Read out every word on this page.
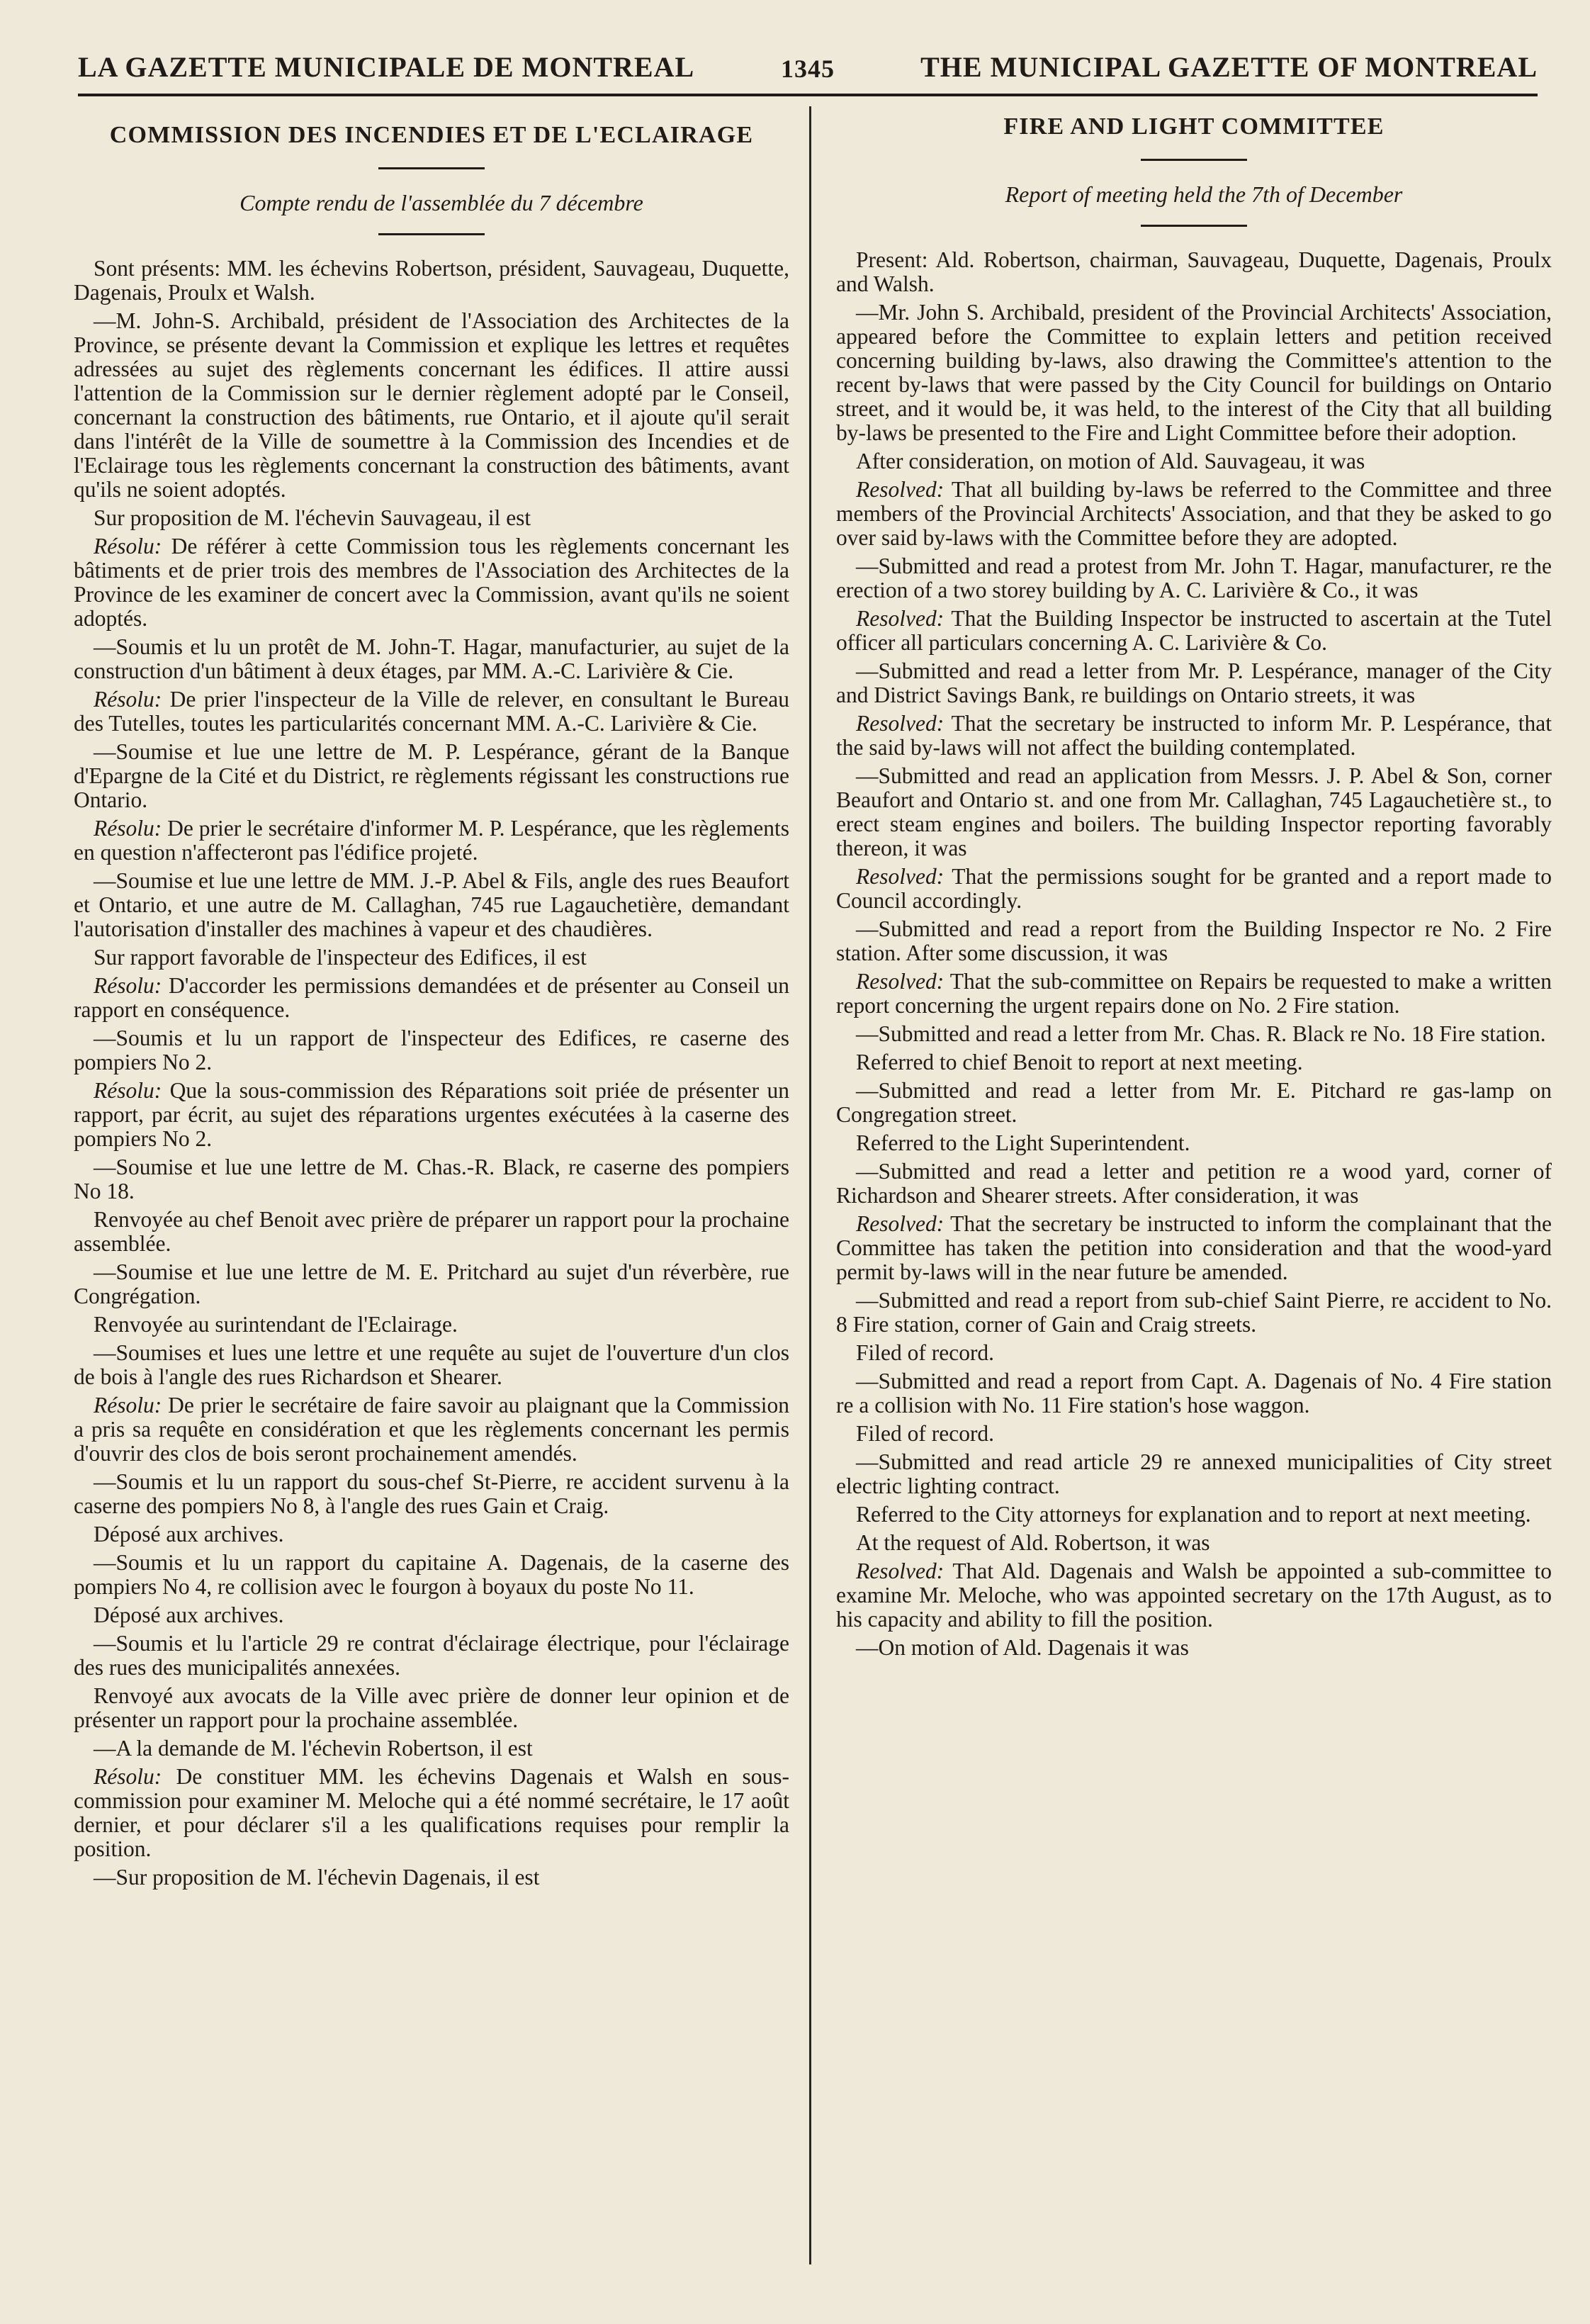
LA GAZETTE MUNICIPALE DE MONTREAL	1345	THE MUNICIPAL GAZETTE OF MONTREAL
COMMISSION DES INCENDIES ET DE L'ECLAIRAGE

Compte rendu de l'assemblée du 7 décembre

Sont présents: MM. les échevins Robertson, président, Sauvageau, Duquette, Dagenais, Proulx et Walsh.

—M. John-S. Archibald, président de l'Association des Architectes de la Province, se présente devant la Commission et explique les lettres et requêtes adressées au sujet des règlements concernant les édifices. Il attire aussi l'attention de la Commission sur le dernier règlement adopté par le Conseil, concernant la construction des bâtiments, rue Ontario, et il ajoute qu'il serait dans l'intérêt de la Ville de soumettre à la Commission des Incendies et de l'Eclairage tous les règlements concernant la construction des bâtiments, avant qu'ils ne soient adoptés.

Sur proposition de M. l'échevin Sauvageau, il est

Résolu: De référer à cette Commission tous les règlements concernant les bâtiments et de prier trois des membres de l'Association des Architectes de la Province de les examiner de concert avec la Commission, avant qu'ils ne soient adoptés.

—Soumis et lu un protêt de M. John-T. Hagar, manufacturier, au sujet de la construction d'un bâtiment à deux étages, par MM. A.-C. Larivière & Cie.

Résolu: De prier l'inspecteur de la Ville de relever, en consultant le Bureau des Tutelles, toutes les particularités concernant MM. A.-C. Larivière & Cie.

—Soumise et lue une lettre de M. P. Lespérance, gérant de la Banque d'Epargne de la Cité et du District, re règlements régissant les constructions rue Ontario.

Résolu: De prier le secrétaire d'informer M. P. Lespérance, que les règlements en question n'affecteront pas l'édifice projeté.

—Soumise et lue une lettre de MM. J.-P. Abel & Fils, angle des rues Beaufort et Ontario, et une autre de M. Callaghan, 745 rue Lagauchetière, demandant l'autorisation d'installer des machines à vapeur et des chaudières.

Sur rapport favorable de l'inspecteur des Edifices, il est

Résolu: D'accorder les permissions demandées et de présenter au Conseil un rapport en conséquence.

—Soumis et lu un rapport de l'inspecteur des Edifices, re caserne des pompiers No 2.

Résolu: Que la sous-commission des Réparations soit priée de présenter un rapport, par écrit, au sujet des réparations urgentes exécutées à la caserne des pompiers No 2.

—Soumise et lue une lettre de M. Chas.-R. Black, re caserne des pompiers No 18.

Renvoyée au chef Benoit avec prière de préparer un rapport pour la prochaine assemblée.

—Soumise et lue une lettre de M. E. Pritchard au sujet d'un réverbère, rue Congrégation.

Renvoyée au surintendant de l'Eclairage.

—Soumises et lues une lettre et une requête au sujet de l'ouverture d'un clos de bois à l'angle des rues Richardson et Shearer.

Résolu: De prier le secrétaire de faire savoir au plaignant que la Commission a pris sa requête en considération et que les règlements concernant les permis d'ouvrir des clos de bois seront prochainement amendés.

—Soumis et lu un rapport du sous-chef St-Pierre, re accident survenu à la caserne des pompiers No 8, à l'angle des rues Gain et Craig.

Déposé aux archives.

—Soumis et lu un rapport du capitaine A. Dagenais, de la caserne des pompiers No 4, re collision avec le fourgon à boyaux du poste No 11.

Déposé aux archives.

—Soumis et lu l'article 29 re contrat d'éclairage électrique, pour l'éclairage des rues des municipalités annexées.

Renvoyé aux avocats de la Ville avec prière de donner leur opinion et de présenter un rapport pour la prochaine assemblée.

—A la demande de M. l'échevin Robertson, il est

Résolu: De constituer MM. les échevins Dagenais et Walsh en sous-commission pour examiner M. Meloche qui a été nommé secrétaire, le 17 août dernier, et pour déclarer s'il a les qualifications requises pour remplir la position.

—Sur proposition de M. l'échevin Dagenais, il est

FIRE AND LIGHT COMMITTEE

Report of meeting held the 7th of December

Present: Ald. Robertson, chairman, Sauvageau, Duquette, Dagenais, Proulx and Walsh.

—Mr. John S. Archibald, president of the Provincial Architects' Association, appeared before the Committee to explain letters and petition received concerning building by-laws, also drawing the Committee's attention to the recent by-laws that were passed by the City Council for buildings on Ontario street, and it would be, it was held, to the interest of the City that all building by-laws be presented to the Fire and Light Committee before their adoption.

After consideration, on motion of Ald. Sauvageau, it was

Resolved: That all building by-laws be referred to the Committee and three members of the Provincial Architects' Association, and that they be asked to go over said by-laws with the Committee before they are adopted.

—Submitted and read a protest from Mr. John T. Hagar, manufacturer, re the erection of a two storey building by A. C. Larivière & Co., it was

Resolved: That the Building Inspector be instructed to ascertain at the Tutel officer all particulars concerning A. C. Larivière & Co.

—Submitted and read a letter from Mr. P. Lespérance, manager of the City and District Savings Bank, re buildings on Ontario streets, it was

Resolved: That the secretary be instructed to inform Mr. P. Lespérance, that the said by-laws will not affect the building contemplated.

—Submitted and read an application from Messrs. J. P. Abel & Son, corner Beaufort and Ontario st. and one from Mr. Callaghan, 745 Lagauchetière st., to erect steam engines and boilers. The building Inspector reporting favorably thereon, it was

Resolved: That the permissions sought for be granted and a report made to Council accordingly.

—Submitted and read a report from the Building Inspector re No. 2 Fire station. After some discussion, it was

Resolved: That the sub-committee on Repairs be requested to make a written report concerning the urgent repairs done on No. 2 Fire station.

—Submitted and read a letter from Mr. Chas. R. Black re No. 18 Fire station.

Referred to chief Benoit to report at next meeting.

—Submitted and read a letter from Mr. E. Pitchard re gas-lamp on Congregation street.

Referred to the Light Superintendent.

—Submitted and read a letter and petition re a wood yard, corner of Richardson and Shearer streets. After consideration, it was

Resolved: That the secretary be instructed to inform the complainant that the Committee has taken the petition into consideration and that the wood-yard permit by-laws will in the near future be amended.

—Submitted and read a report from sub-chief Saint Pierre, re accident to No. 8 Fire station, corner of Gain and Craig streets.

Filed of record.

—Submitted and read a report from Capt. A. Dagenais of No. 4 Fire station re a collision with No. 11 Fire station's hose waggon.

Filed of record.

—Submitted and read article 29 re annexed municipalities of City street electric lighting contract.

Referred to the City attorneys for explanation and to report at next meeting.

At the request of Ald. Robertson, it was

Resolved: That Ald. Dagenais and Walsh be appointed a sub-committee to examine Mr. Meloche, who was appointed secretary on the 17th August, as to his capacity and ability to fill the position.

—On motion of Ald. Dagenais it was
